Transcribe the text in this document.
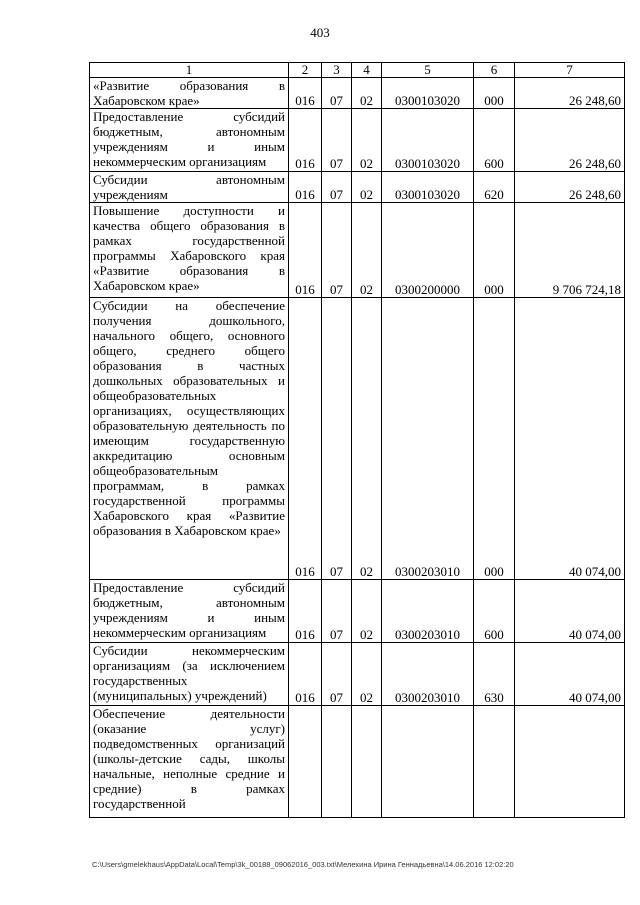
403
1	2	3	4	5	6	7
«Развитие образования в Хабаровском крае»	016	07	02	0300103020	000	26 248,60
Предоставление субсидий бюджетным, автономным учреждениям и иным некоммерческим организациям	016	07	02	0300103020	600	26 248,60
Субсидии автономным учреждениям	016	07	02	0300103020	620	26 248,60
Повышение доступности и качества общего образования в рамках государственной программы Хабаровского края «Развитие образования в Хабаровском крае»	016	07	02	0300200000	000	9 706 724,18
Субсидии на обеспечение получения дошкольного, начального общего, основного общего, среднего общего образования в частных дошкольных образовательных и общеобразовательных организациях, осуществляющих образовательную деятельность по имеющим государственную аккредитацию основным общеобразовательным программам, в рамках государственной программы Хабаровского края «Развитие образования в Хабаровском крае»	016	07	02	0300203010	000	40 074,00
Предоставление субсидий бюджетным, автономным учреждениям и иным некоммерческим организациям	016	07	02	0300203010	600	40 074,00
Субсидии некоммерческим организациям (за исключением государственных (муниципальных) учреждений)	016	07	02	0300203010	630	40 074,00
Обеспечение деятельности (оказание услуг) подведомственных организаций (школы-детские сады, школы начальные, неполные средние и средние) в рамках государственной						
C:\Users\gmelekhaus\AppData\Local\Temp\3k_00188_09062016_003.txt\Мелехина Ирина Геннадьевна\14.06.2016 12:02:20
